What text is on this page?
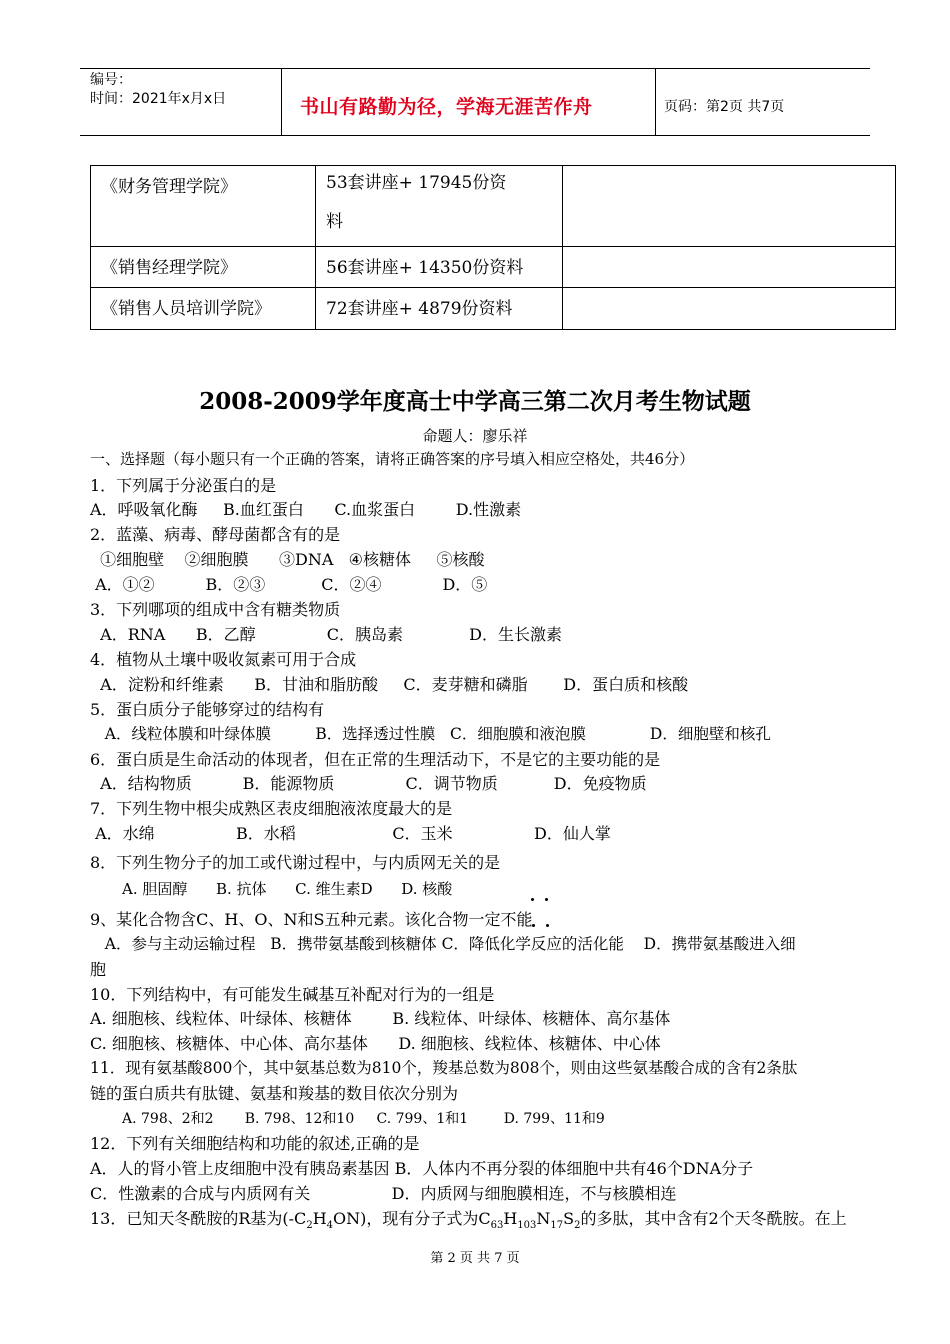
编号：
时间：2021年x月x日	书山有路勤为径，学海无涯苦作舟	页码：第2页 共7页
《财务管理学院》	53套讲座+ 17945份资
料	

《销售经理学院》	56套讲座+ 14350份资料	
《销售人员培训学院》	72套讲座+ 4879份资料	
2008-2009学年度高士中学高三第二次月考生物试题
命题人：廖乐祥
一、选择题（每小题只有一个正确的答案，请将正确答案的序号填入相应空格处，共46分）
1．下列属于分泌蛋白的是
A．呼吸氧化酶     B.血红蛋白      C.血浆蛋白        D.性激素
2．蓝藻、病毒、酵母菌都含有的是
①细胞壁    ②细胞膜      ③DNA   ④核糖体     ⑤核酸
A．①②          B．②③           C．②④            D．⑤
3．下列哪项的组成中含有糖类物质
A．RNA      B．乙醇              C．胰岛素             D．生长激素
4．植物从土壤中吸收氮素可用于合成
A．淀粉和纤维素      B．甘油和脂肪酸     C．麦芽糖和磷脂       D．蛋白质和核酸
5．蛋白质分子能够穿过的结构有
A．线粒体膜和叶绿体膜         B．选择透过性膜   C．细胞膜和液泡膜             D．细胞壁和核孔
6．蛋白质是生命活动的体现者，但在正常的生理活动下，不是它的主要功能的是
A．结构物质          B．能源物质              C．调节物质           D．免疫物质
7．下列生物中根尖成熟区表皮细胞液浓度最大的是
A．水绵                B．水稻                   C．玉米                D．仙人掌
8．下列生物分子的加工或代谢过程中，与内质网无关的是
A. 胆固醇      B. 抗体      C. 维生素D      D. 核酸
9、某化合物含C、H、O、N和S五种元素。该化合物一定不能
A．参与主动运输过程   B．携带氨基酸到核糖体 C．降低化学反应的活化能    D．携带氨基酸进入细
胞
10．下列结构中，有可能发生碱基互补配对行为的一组是
A. 细胞核、线粒体、叶绿体、核糖体        B. 线粒体、叶绿体、核糖体、高尔基体
C. 细胞核、核糖体、中心体、高尔基体      D. 细胞核、线粒体、核糖体、中心体
11．现有氨基酸800个，其中氨基总数为810个，羧基总数为808个，则由这些氨基酸合成的含有2条肽
链的蛋白质共有肽键、氨基和羧基的数目依次分别为
A. 798、2和2       B. 798、12和10     C. 799、1和1        D. 799、11和9
12．下列有关细胞结构和功能的叙述,正确的是
A．人的肾小管上皮细胞中没有胰岛素基因 B．人体内不再分裂的体细胞中共有46个DNA分子
C．性激素的合成与内质网有关                D．内质网与细胞膜相连，不与核膜相连
13．已知天冬酰胺的R基为$(-C_2H_4ON)$，现有分子式为$C_{63}H_{103}N_{17}S_2$的多肽，其中含有2个天冬酰胺。在上
第 2 页 共 7 页
